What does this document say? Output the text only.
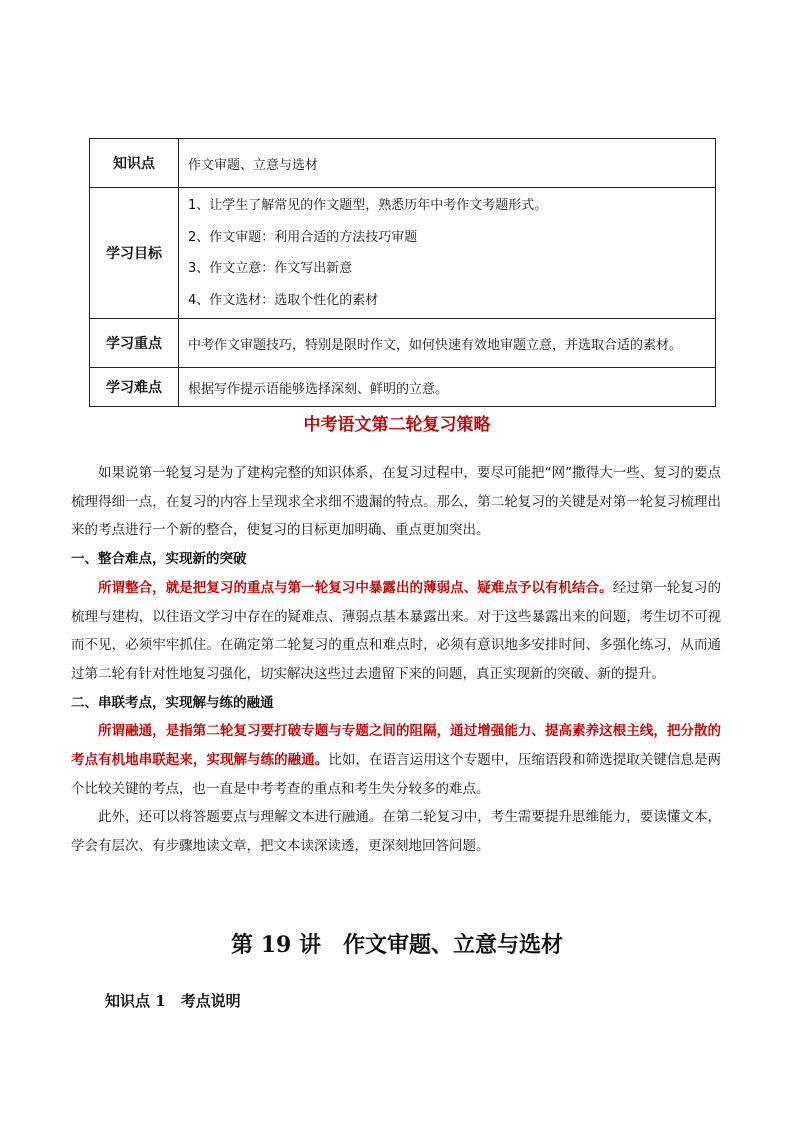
知识点	作文审题、立意与选材
学习目标	1、让学生了解常见的作文题型，熟悉历年中考作文考题形式。
2、作文审题：利用合适的方法技巧审题
3、作文立意：作文写出新意
4、作文选材：选取个性化的素材

学习重点	中考作文审题技巧，特别是限时作文，如何快速有效地审题立意，并选取合适的素材。
学习难点	根据写作提示语能够选择深刻、鲜明的立意。
中考语文第二轮复习策略

如果说第一轮复习是为了建构完整的知识体系，在复习过程中，要尽可能把“网”撒得大一些、复习的要点梳理得细一点，在复习的内容上呈现求全求细不遗漏的特点。那么，第二轮复习的关键是对第一轮复习梳理出来的考点进行一个新的整合，使复习的目标更加明确、重点更加突出。

一、整合难点，实现新的突破

所谓整合，就是把复习的重点与第一轮复习中暴露出的薄弱点、疑难点予以有机结合。经过第一轮复习的梳理与建构，以往语文学习中存在的疑难点、薄弱点基本暴露出来。对于这些暴露出来的问题，考生切不可视而不见，必须牢牢抓住。在确定第二轮复习的重点和难点时，必须有意识地多安排时间、多强化练习，从而通过第二轮有针对性地复习强化，切实解决这些过去遗留下来的问题，真正实现新的突破、新的提升。

二、串联考点，实现解与练的融通

所谓融通，是指第二轮复习要打破专题与专题之间的阻隔，通过增强能力、提高素养这根主线，把分散的考点有机地串联起来，实现解与练的融通。比如，在语言运用这个专题中，压缩语段和筛选提取关键信息是两个比较关键的考点，也一直是中考考查的重点和考生失分较多的难点。

此外，还可以将答题要点与理解文本进行融通。在第二轮复习中，考生需要提升思维能力，要读懂文本，学会有层次、有步骤地读文章，把文本读深读透，更深刻地回答问题。

第 19 讲　作文审题、立意与选材
知识点 1　考点说明
